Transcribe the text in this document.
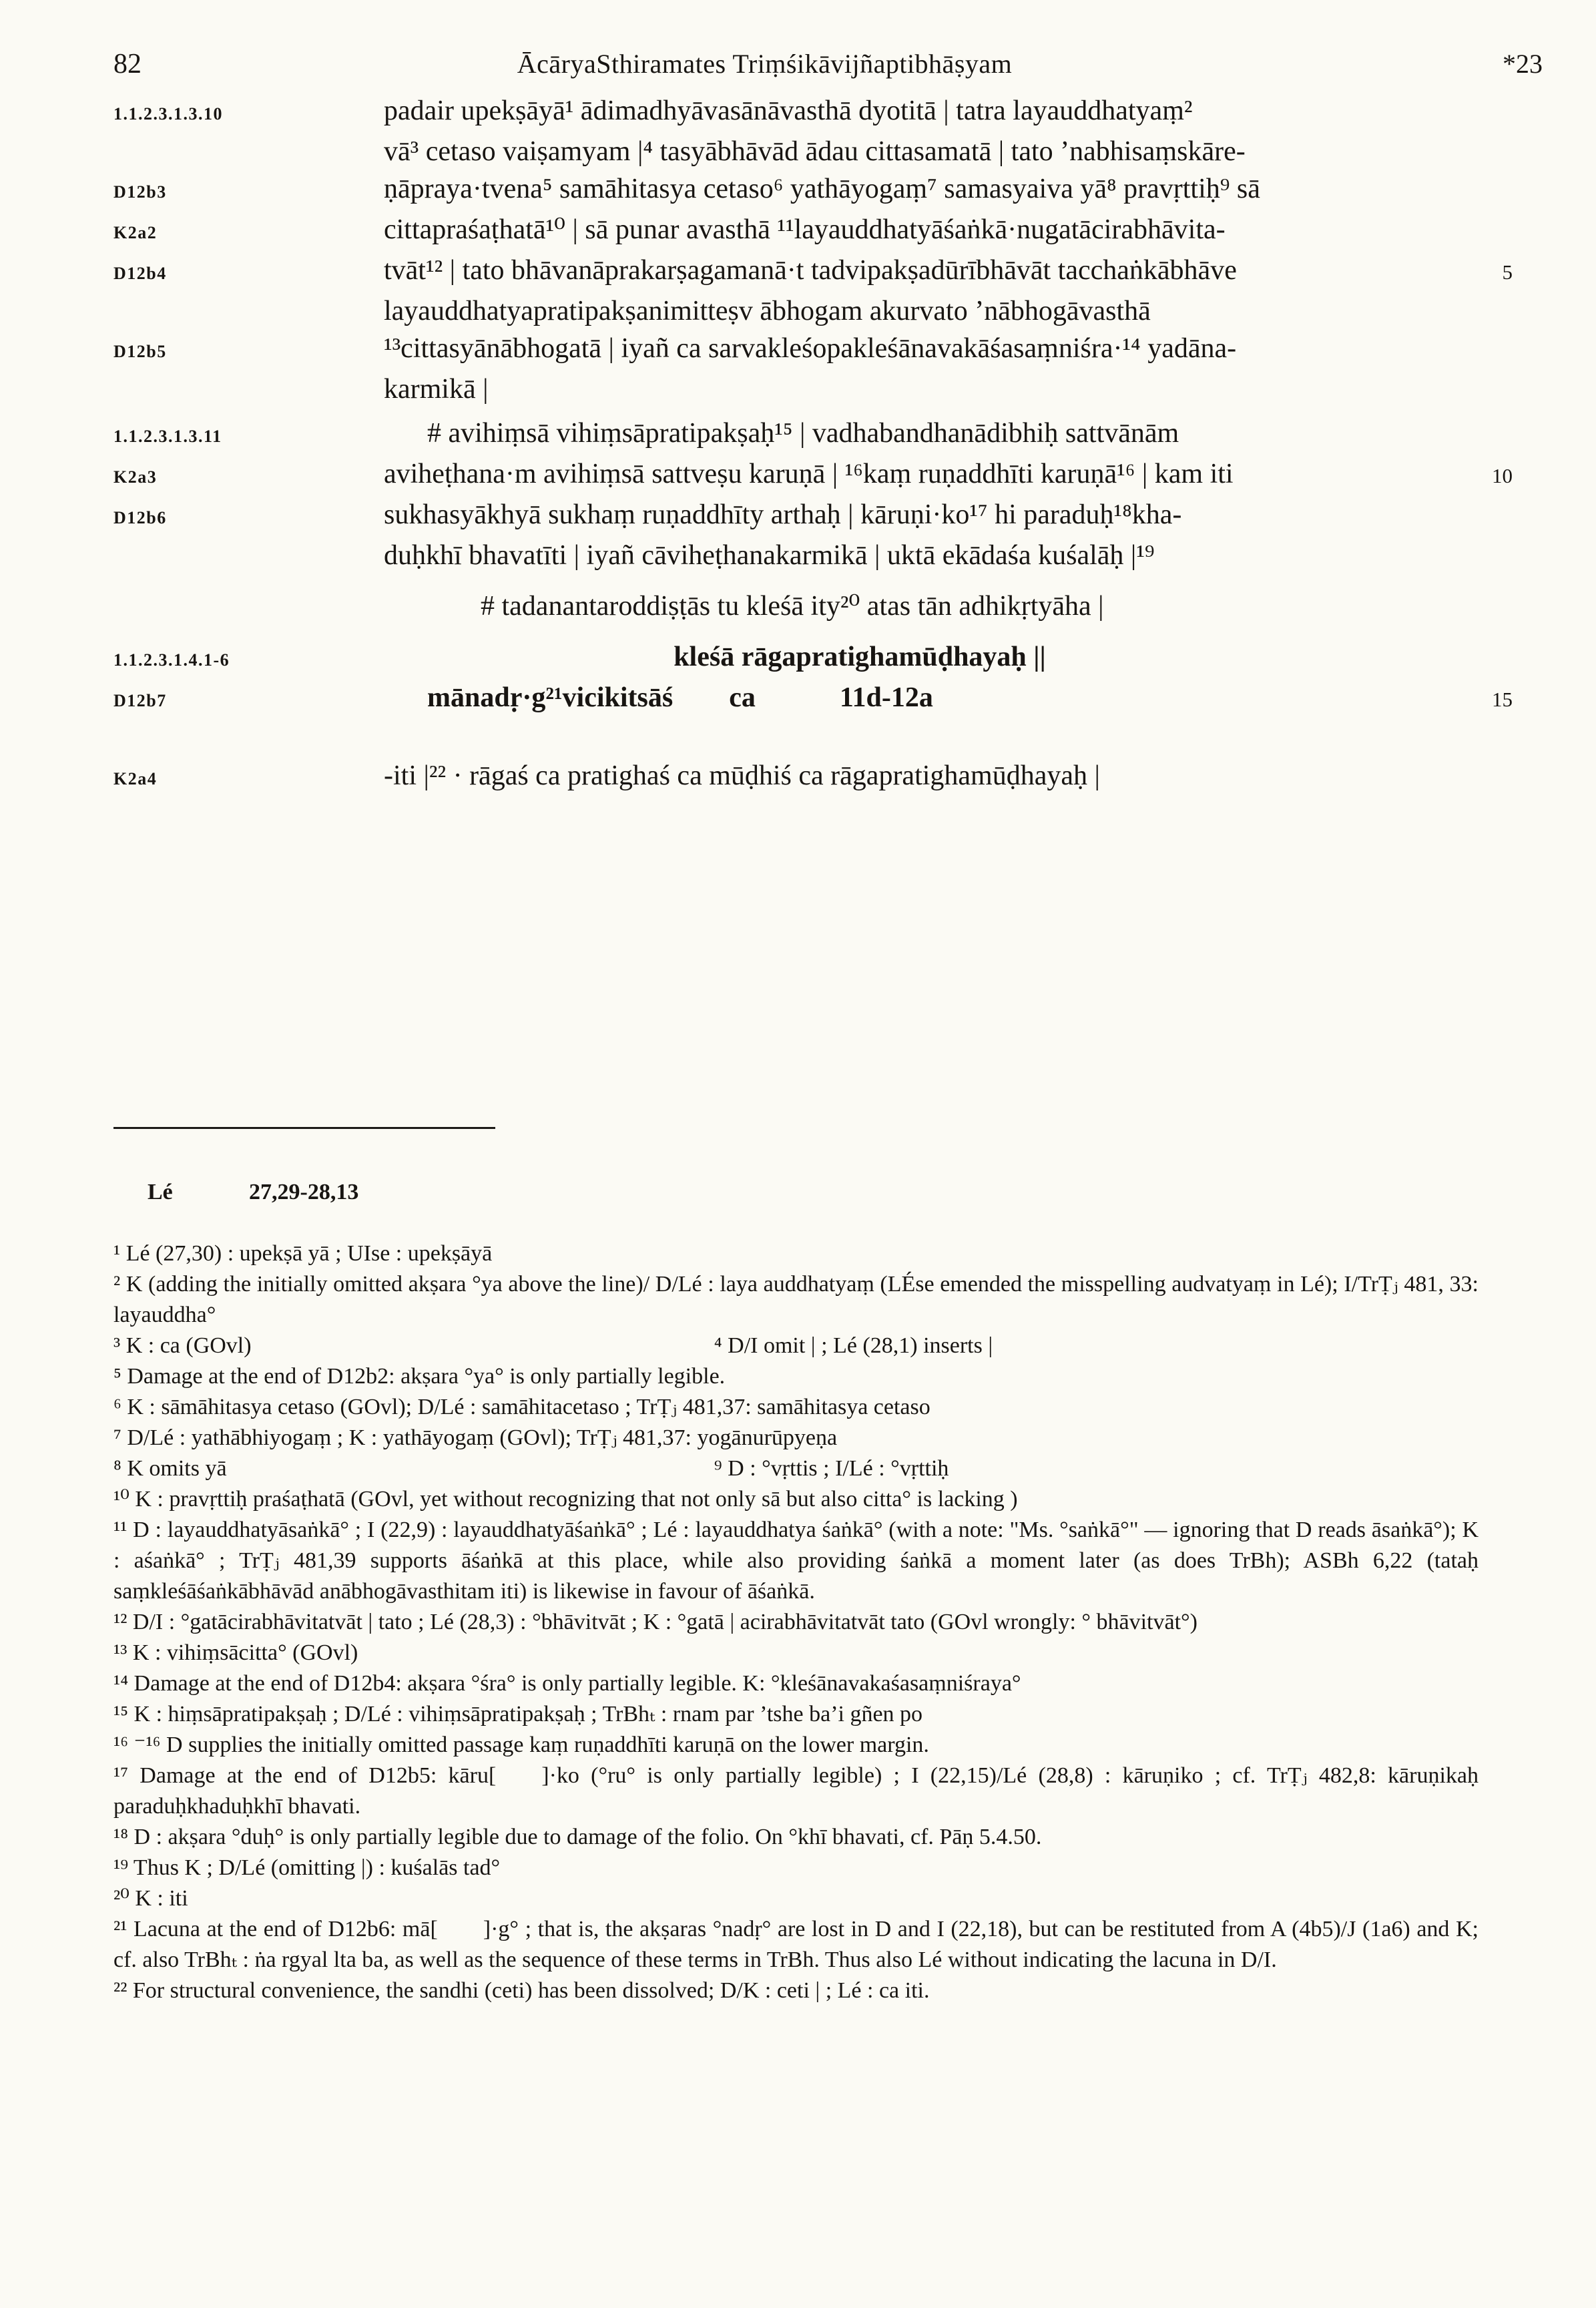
82	ĀcāryaSthiramates Triṃśikāvijñaptibhāṣyam	*23
1.1.2.3.1.3.10	padair upekṣāyā¹ ādimadhyāvasānāvasthā dyotitā | tatra layauddhatyaṃ²
vā³ cetaso vaiṣamyam |⁴ tasyābhāvād ādau cittasamatā | tato ’nabhisaṃskāre-
D12b3	ṇāpraya·tvena⁵ samāhitasya cetaso⁶ yathāyogaṃ⁷ samasyaiva yā⁸ pravṛttiḥ⁹ sā
K2a2	cittapraśaṭhatā¹⁰ | sā punar avasthā ¹¹layauddhatyāśaṅkā·nugatācirabhāvita-
D12b4	tvāt¹² | tato bhāvanāprakarṣagamanā·t tadvipakṣadūrībhāvāt tacchaṅkābhāve	5
layauddhatyapratipakṣanimitteṣv ābhogam akurvato ’nābhogāvasthā
D12b5	¹³cittasyānābhogatā | iyañ ca sarvakleśopakleśānavakāśasaṃniśra·¹⁴ yadāna-
karmikā |
1.1.2.3.1.3.11	# avihiṃsā vihiṃsāpratipakṣaḥ¹⁵ | vadhabandhanādibhiḥ sattvānām
K2a3	aviheṭhana·m avihiṃsā sattveṣu karuṇā | ¹⁶kaṃ ruṇaddhīti karuṇā¹⁶ | kam iti	10
D12b6	sukhasyākhyā sukhaṃ ruṇaddhīty arthaḥ | kāruṇi·ko¹⁷ hi paraduḥ¹⁸kha-
duḥkhī bhavatīti | iyañ cāviheṭhanakarmikā | uktā ekādaśa kuśalāḥ |¹⁹
# tadanantaroddiṣṭās tu kleśā ity²⁰ atas tān adhikṛtyāha |
1.1.2.3.1.4.1-6	kleśā rāgapratighamūḍhayaḥ ||
D12b7	mānadṛ·g²¹vicikitsāś  ca   11d-12a	15
K2a4	-iti |²² · rāgaś ca pratighaś ca mūḍhiś ca rāgapratighamūḍhayaḥ |

Lé	27,29-28,13

¹ Lé (27,30) : upekṣā yā ; UIse : upekṣāyā

² K (adding the initially omitted akṣara °ya above the line)/ D/Lé : laya auddhatyaṃ (LÉse emended the misspelling audvatyaṃ in Lé); I/TrṬⱼ 481, 33: layauddha°

³ K : ca (GOvl)	⁴ D/I omit | ; Lé (28,1) inserts |

⁵ Damage at the end of D12b2: akṣara °ya° is only partially legible.

⁶ K : sāmāhitasya cetaso (GOvl); D/Lé : samāhitacetaso ; TrṬⱼ 481,37: samāhitasya cetaso

⁷ D/Lé : yathābhiyogaṃ ; K : yathāyogaṃ (GOvl); TrṬⱼ 481,37: yogānurūpyeṇa

⁸ K omits yā	⁹ D : °vṛttis ; I/Lé : °vṛttiḥ

¹⁰ K : pravṛttiḥ praśaṭhatā (GOvl, yet without recognizing that not only sā but also citta° is lacking )

¹¹ D : layauddhatyāsaṅkā° ; I (22,9) : layauddhatyāśaṅkā° ; Lé : layauddhatya śaṅkā° (with a note: "Ms. °saṅkā°" — ignoring that D reads āsaṅkā°); K : aśaṅkā° ; TrṬⱼ 481,39 supports āśaṅkā at this place, while also providing śaṅkā a moment later (as does TrBh); ASBh 6,22 (tataḥ saṃkleśāśaṅkābhāvād anābhogāvasthitam iti) is likewise in favour of āśaṅkā.

¹² D/I : °gatācirabhāvitatvāt | tato ; Lé (28,3) : °bhāvitvāt ; K : °gatā | acirabhāvitatvāt tato (GOvl wrongly: ° bhāvitvāt°)

¹³ K : vihiṃsācitta° (GOvl)

¹⁴ Damage at the end of D12b4: akṣara °śra° is only partially legible. K: °kleśānavakaśasaṃniśraya°

¹⁵ K : hiṃsāpratipakṣaḥ ; D/Lé : vihiṃsāpratipakṣaḥ ; TrBhₜ : rnam par ’tshe ba’i gñen po

¹⁶ ⁻¹⁶ D supplies the initially omitted passage kaṃ ruṇaddhīti karuṇā on the lower margin.

¹⁷ Damage at the end of D12b5: kāru[  ]·ko (°ru° is only partially legible) ; I (22,15)/Lé (28,8) : kāruṇiko ; cf. TrṬⱼ 482,8: kāruṇikaḥ paraduḥkhaduḥkhī bhavati.

¹⁸ D : akṣara °duḥ° is only partially legible due to damage of the folio. On °khī bhavati, cf. Pāṇ 5.4.50.

¹⁹ Thus K ; D/Lé (omitting |) : kuśalās tad°

²⁰ K : iti

²¹ Lacuna at the end of D12b6: mā[  ]·g° ; that is, the akṣaras °nadṛ° are lost in D and I (22,18), but can be restituted from A (4b5)/J (1a6) and K; cf. also TrBhₜ : ṅa rgyal lta ba, as well as the sequence of these terms in TrBh. Thus also Lé without indicating the lacuna in D/I.

²² For structural convenience, the sandhi (ceti) has been dissolved; D/K : ceti | ; Lé : ca iti.
